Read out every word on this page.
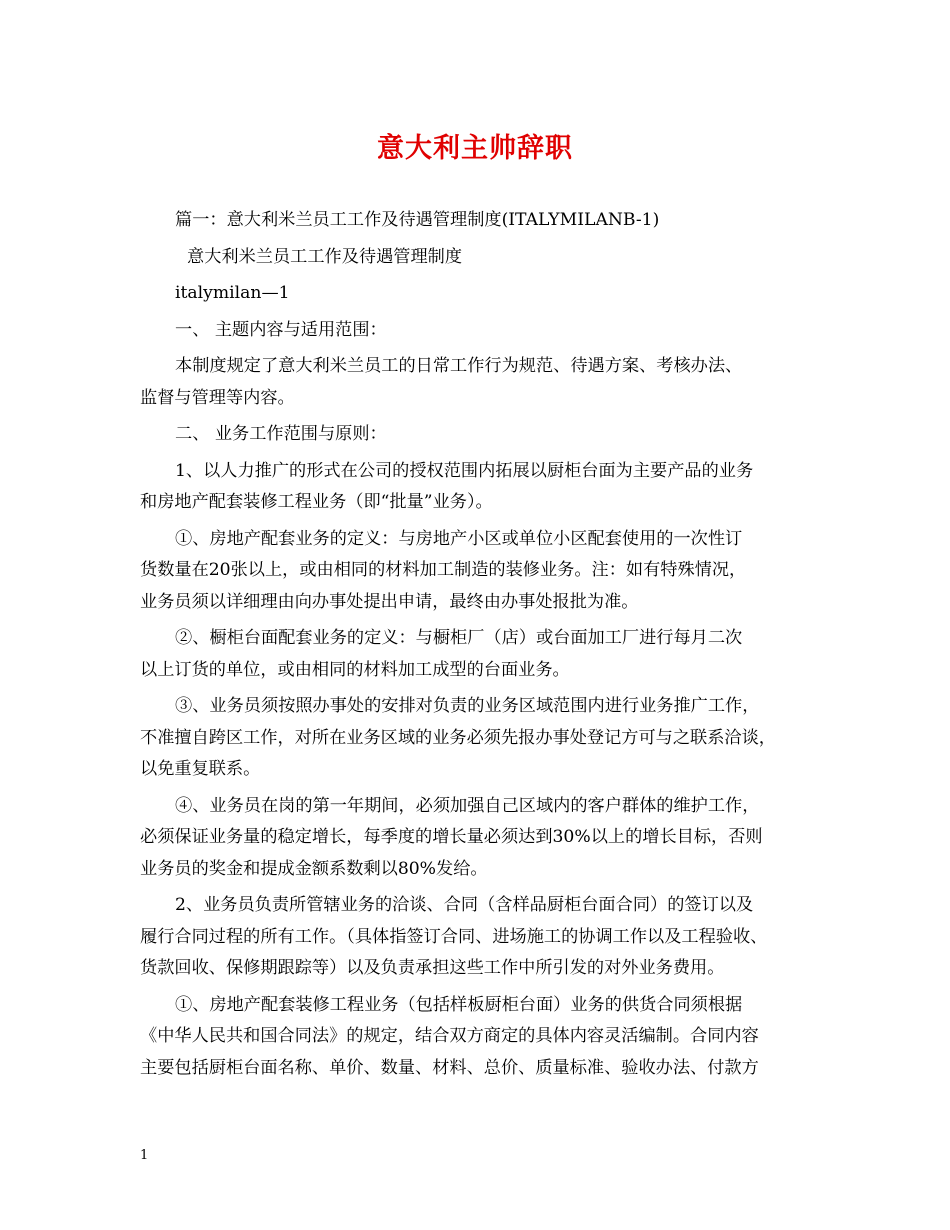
意大利主帅辞职
篇一：意大利米兰员工工作及待遇管理制度(ITALYMILANB-1)
意大利米兰员工工作及待遇管理制度
italymilan—1
一、 主题内容与适用范围：
本制度规定了意大利米兰员工的日常工作行为规范、待遇方案、考核办法、
监督与管理等内容。
二、 业务工作范围与原则：
1、以人力推广的形式在公司的授权范围内拓展以厨柜台面为主要产品的业务
和房地产配套装修工程业务（即“批量”业务）。
①、房地产配套业务的定义：与房地产小区或单位小区配套使用的一次性订
货数量在20张以上，或由相同的材料加工制造的装修业务。注：如有特殊情况，
业务员须以详细理由向办事处提出申请，最终由办事处报批为准。
②、橱柜台面配套业务的定义：与橱柜厂（店）或台面加工厂进行每月二次
以上订货的单位，或由相同的材料加工成型的台面业务。
③、业务员须按照办事处的安排对负责的业务区域范围内进行业务推广工作，
不准擅自跨区工作，对所在业务区域的业务必须先报办事处登记方可与之联系洽谈，
以免重复联系。
④、业务员在岗的第一年期间，必须加强自己区域内的客户群体的维护工作，
必须保证业务量的稳定增长，每季度的增长量必须达到30%以上的增长目标，否则
业务员的奖金和提成金额系数剩以80%发给。
2、业务员负责所管辖业务的洽谈、合同（含样品厨柜台面合同）的签订以及
履行合同过程的所有工作。（具体指签订合同、进场施工的协调工作以及工程验收、
货款回收、保修期跟踪等）以及负责承担这些工作中所引发的对外业务费用。
①、房地产配套装修工程业务（包括样板厨柜台面）业务的供货合同须根据
《中华人民共和国合同法》的规定，结合双方商定的具体内容灵活编制。合同内容
主要包括厨柜台面名称、单价、数量、材料、总价、质量标准、验收办法、付款方
1
